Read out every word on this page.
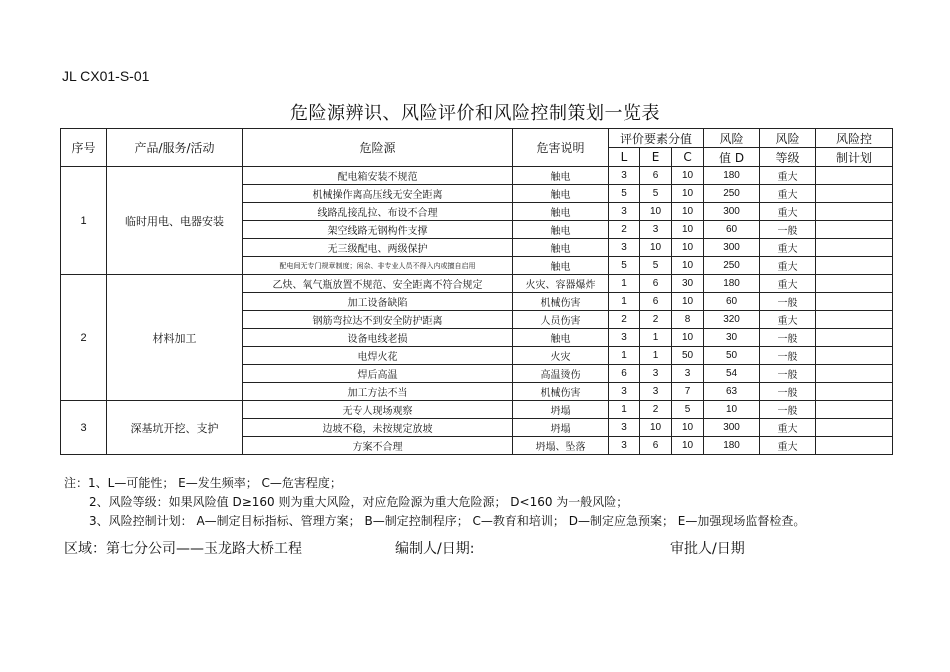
JL CX01-S-01
危险源辨识、风险评价和风险控制策划一览表
序号	产品/服务/活动	危险源	危害说明	评价要素分值			风险	风险	风险控
				L	E	C	值 D	等级	制计划
1	临时用电、电器安装	配电箱安装不规范	触电	3	6	10	180	重大	
		机械操作离高压线无安全距离	触电	5	5	10	250	重大	
		线路乱接乱拉、布设不合理	触电	3	10	10	300	重大	
		架空线路无钢构件支撑	触电	2	3	10	60	一般	
		无三级配电、两级保护	触电	3	10	10	300	重大	
		配电间无专门规章制度；闲杂、非专业人员不得入内或擅自启用	触电	5	5	10	250	重大	
2	材料加工	乙炔、氧气瓶放置不规范、安全距离不符合规定	火灾、容器爆炸	1	6	30	180	重大	
		加工设备缺陷	机械伤害	1	6	10	60	一般	
		钢筋弯拉达不到安全防护距离	人员伤害	2	2	8	320	重大	
		设备电线老损	触电	3	1	10	30	一般	
		电焊火花	火灾	1	1	50	50	一般	
		焊后高温	高温烫伤	6	3	3	54	一般	
		加工方法不当	机械伤害	3	3	7	63	一般	
3	深基坑开挖、支护	无专人现场观察	坍塌	1	2	5	10	一般	
		边坡不稳，未按规定放坡	坍塌	3	10	10	300	重大	
		方案不合理	坍塌、坠落	3	6	10	180	重大	
注：1、L—可能性； E—发生频率； C—危害程度；
2、风险等级：如果风险值 D≥160 则为重大风险，对应危险源为重大危险源； D<160 为一般风险；
3、风险控制计划： A—制定目标指标、管理方案； B—制定控制程序； C—教育和培训； D—制定应急预案； E—加强现场监督检查。
区域：第七分公司——玉龙路大桥工程	编制人/日期:	审批人/日期
